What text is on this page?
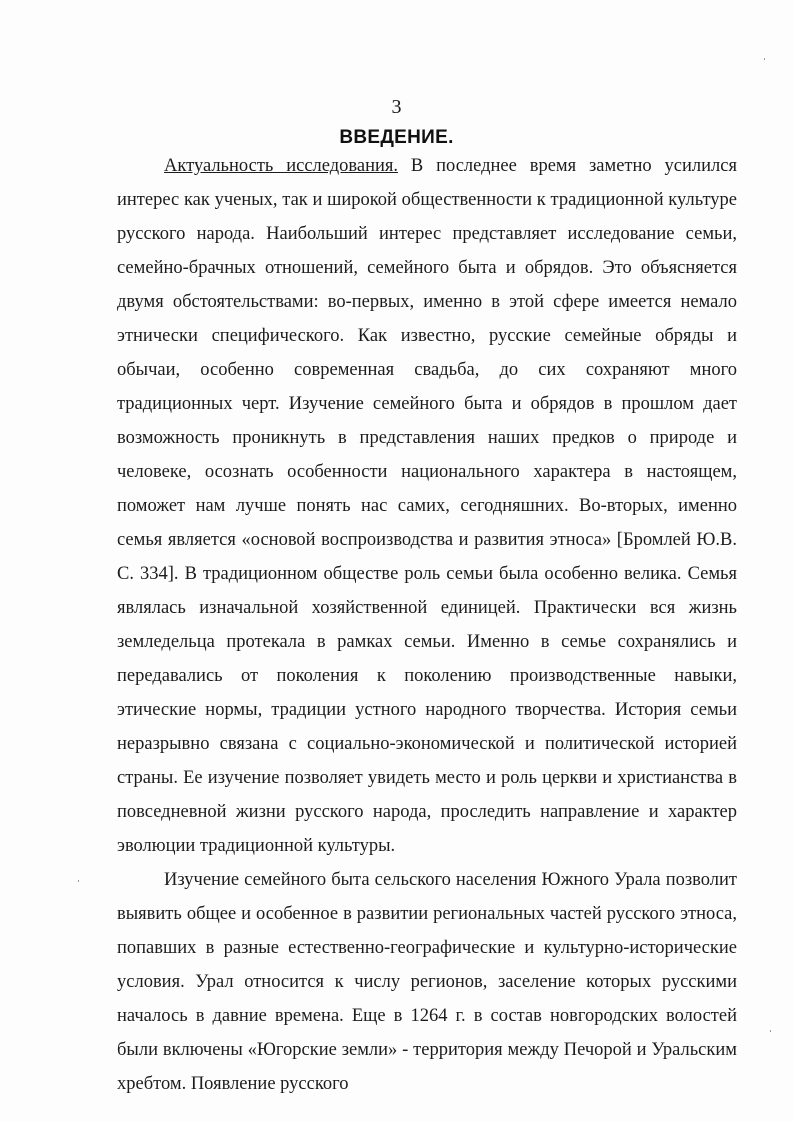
3
ВВЕДЕНИЕ.

Актуальность исследования. В последнее время заметно усилился интерес как ученых, так и широкой общественности к традиционной культуре русского народа. Наибольший интерес представляет исследование семьи, семейно-брачных отношений, семейного быта и обрядов. Это объясняется двумя обстоятельствами: во-первых, именно в этой сфере имеется немало этнически специфического. Как известно, русские семейные обряды и обычаи, особенно современная свадьба, до сих сохраняют много традиционных черт. Изучение семейного быта и обрядов в прошлом дает возможность проникнуть в представления наших предков о природе и человеке, осознать особенности национального характера в настоящем, поможет нам лучше понять нас самих, сегодняшних. Во-вторых, именно семья является «основой воспроизводства и развития этноса» [Бромлей Ю.В. С. 334]. В традиционном обществе роль семьи была особенно велика. Семья являлась изначальной хозяйственной единицей. Практически вся жизнь земледельца протекала в рамках семьи. Именно в семье сохранялись и передавались от поколения к поколению производственные навыки, этические нормы, традиции устного народного творчества. История семьи неразрывно связана с социально-экономической и политической историей страны. Ее изучение позволяет увидеть место и роль церкви и христианства в повседневной жизни русского народа, проследить направление и характер эволюции традиционной культуры.

Изучение семейного быта сельского населения Южного Урала позволит выявить общее и особенное в развитии региональных частей русского этноса, попавших в разные естественно-географические и культурно-исторические условия. Урал относится к числу регионов, заселение которых русскими началось в давние времена. Еще в 1264 г. в состав новгородских волостей были включены «Югорские земли» - территория между Печорой и Уральским хребтом. Появление русского
